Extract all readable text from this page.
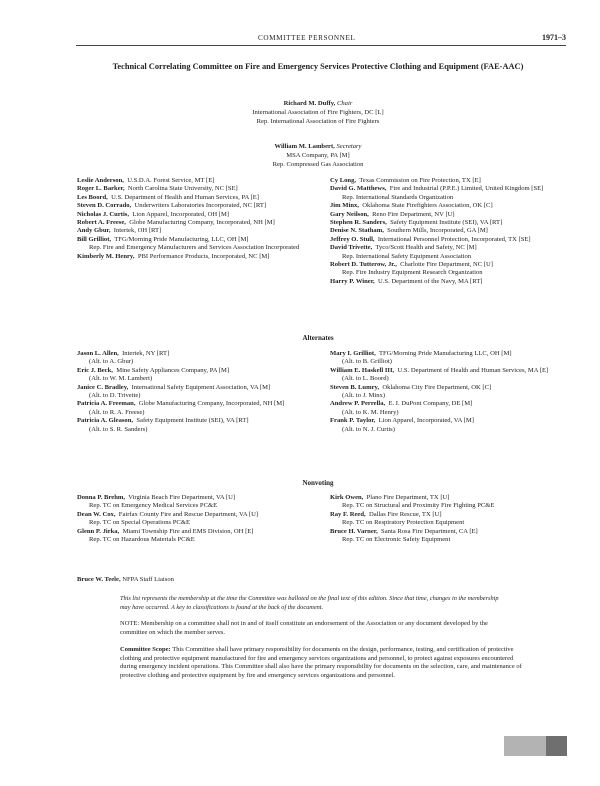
COMMITTEE PERSONNEL	1971–3
Technical Correlating Committee on Fire and Emergency Services Protective Clothing and Equipment (FAE-AAC)
Richard M. Duffy, Chair
International Association of Fire Fighters, DC [L]
Rep. International Association of Fire Fighters
William M. Lambert, Secretary
MSA Company, PA [M]
Rep. Compressed Gas Association
Leslie Anderson, U.S.D.A. Forest Service, MT [E]
Roger L. Barker, North Carolina State University, NC [SE]
Les Boord, U.S. Department of Health and Human Services, PA [E]
Steven D. Corrado, Underwriters Laboratories Incorporated, NC [RT]
Nicholas J. Curtis, Lion Apparel, Incorporated, OH [M]
Robert A. Freese, Globe Manufacturing Company, Incorporated, NH [M]
Andy Gbur, Intertek, OH [RT]
Bill Grilliot, TFG/Morning Pride Manufacturing, LLC, OH [M]
Rep. Fire and Emergency Manufacturers and Services Association Incorporated
Kimberly M. Henry, PBI Performance Products, Incorporated, NC [M]
Cy Long, Texas Commission on Fire Protection, TX [E]
David G. Matthews, Fire and Industrial (P.P.E.) Limited, United Kingdom [SE]
Rep. International Standards Organization
Jim Minx, Oklahoma State Firefighters Association, OK [C]
Gary Neilson, Reno Fire Department, NV [U]
Stephen R. Sanders, Safety Equipment Institute (SEI), VA [RT]
Denise N. Statham, Southern Mills, Incorporated, GA [M]
Jeffrey O. Stull, International Personnel Protection, Incorporated, TX [SE]
David Trivette, Tyco/Scott Health and Safety, NC [M]
Rep. International Safety Equipment Association
Robert D. Tutterow, Jr., Charlotte Fire Department, NC [U]
Rep. Fire Industry Equipment Research Organization
Harry P. Winer, U.S. Department of the Navy, MA [RT]
Alternates
Jason L. Allen, Intertek, NY [RT]
(Alt. to A. Gbur)
Eric J. Beck, Mine Safety Appliances Company, PA [M]
(Alt. to W. M. Lambert)
Janice C. Bradley, International Safety Equipment Association, VA [M]
(Alt. to D. Trivette)
Patricia A. Freeman, Globe Manufacturing Company, Incorporated, NH [M]
(Alt. to R. A. Freese)
Patricia A. Gleason, Safety Equipment Institute (SEI), VA [RT]
(Alt. to S. R. Sanders)
Mary I. Grilliot, TFG/Morning Pride Manufacturing LLC, OH [M]
(Alt. to B. Grilliot)
William E. Haskell III, U.S. Department of Health and Human Services, MA [E]
(Alt. to L. Boord)
Steven B. Lumry, Oklahoma City Fire Department, OK [C]
(Alt. to J. Minx)
Andrew P. Perrella, E. I. DuPont Company, DE [M]
(Alt. to K. M. Henry)
Frank P. Taylor, Lion Apparel, Incorporated, VA [M]
(Alt. to N. J. Curtis)
Nonvoting
Donna P. Brehm, Virginia Beach Fire Department, VA [U]
Rep. TC on Emergency Medical Services PC&E
Dean W. Cox, Fairfax County Fire and Rescue Department, VA [U]
Rep. TC on Special Operations PC&E
Glenn P. Jirka, Miami Township Fire and EMS Division, OH [E]
Rep. TC on Hazardous Materials PC&E
Kirk Owen, Plano Fire Department, TX [U]
Rep. TC on Structural and Proximity Fire Fighting PC&E
Ray F. Reed, Dallas Fire Rescue, TX [U]
Rep. TC on Respiratory Protection Equipment
Bruce H. Varner, Santa Rosa Fire Department, CA [E]
Rep. TC on Electronic Safety Equipment
Bruce W. Teele, NFPA Staff Liaison
This list represents the membership at the time the Committee was balloted on the final text of this edition. Since that time, changes in the membership may have occurred. A key to classifications is found at the back of the document.
NOTE: Membership on a committee shall not in and of itself constitute an endorsement of the Association or any document developed by the committee on which the member serves.
Committee Scope: This Committee shall have primary responsibility for documents on the design, performance, testing, and certification of protective clothing and protective equipment manufactured for fire and emergency services organizations and personnel, to protect against exposures encountered during emergency incident operations. This Committee shall also have the primary responsibility for documents on the selection, care, and maintenance of protective clothing and protective equipment by fire and emergency services organizations and personnel.
